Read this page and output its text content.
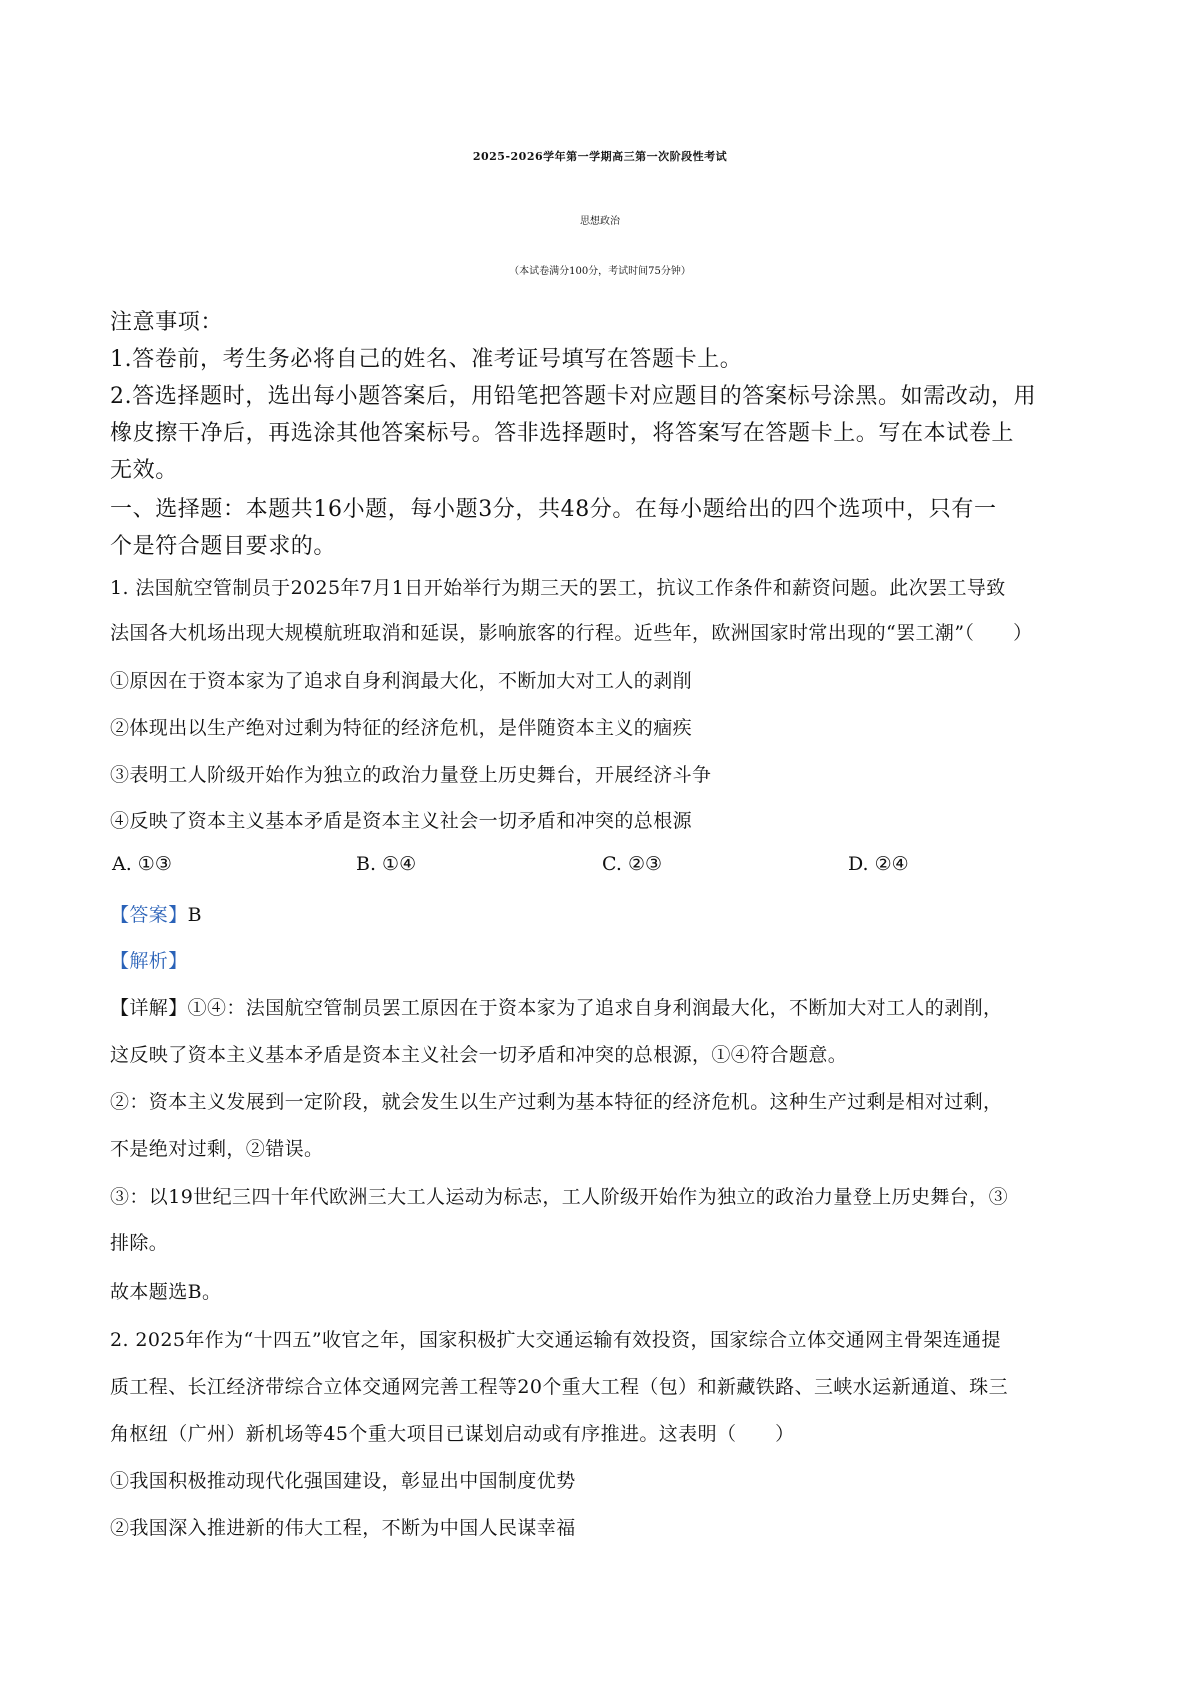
2025-2026学年第一学期高三第一次阶段性考试
思想政治
（本试卷满分100分，考试时间75分钟）
注意事项：
1.答卷前，考生务必将自己的姓名、准考证号填写在答题卡上。
2.答选择题时，选出每小题答案后，用铅笔把答题卡对应题目的答案标号涂黑。如需改动，用
橡皮擦干净后，再选涂其他答案标号。答非选择题时，将答案写在答题卡上。写在本试卷上
无效。
一、选择题：本题共16小题，每小题3分，共48分。在每小题给出的四个选项中，只有一
个是符合题目要求的。
1. 法国航空管制员于2025年7月1日开始举行为期三天的罢工，抗议工作条件和薪资问题。此次罢工导致
法国各大机场出现大规模航班取消和延误，影响旅客的行程。近些年，欧洲国家时常出现的“罢工潮”（　　）
①原因在于资本家为了追求自身利润最大化，不断加大对工人的剥削
②体现出以生产绝对过剩为特征的经济危机，是伴随资本主义的痼疾
③表明工人阶级开始作为独立的政治力量登上历史舞台，开展经济斗争
④反映了资本主义基本矛盾是资本主义社会一切矛盾和冲突的总根源
A. ①③	B. ①④	C. ②③	D. ②④
【答案】B
【解析】
【详解】①④：法国航空管制员罢工原因在于资本家为了追求自身利润最大化，不断加大对工人的剥削，
这反映了资本主义基本矛盾是资本主义社会一切矛盾和冲突的总根源，①④符合题意。
②：资本主义发展到一定阶段，就会发生以生产过剩为基本特征的经济危机。这种生产过剩是相对过剩，
不是绝对过剩，②错误。
③：以19世纪三四十年代欧洲三大工人运动为标志，工人阶级开始作为独立的政治力量登上历史舞台，③
排除。
故本题选B。
2. 2025年作为“十四五”收官之年，国家积极扩大交通运输有效投资，国家综合立体交通网主骨架连通提
质工程、长江经济带综合立体交通网完善工程等20个重大工程（包）和新藏铁路、三峡水运新通道、珠三
角枢纽（广州）新机场等45个重大项目已谋划启动或有序推进。这表明（　　）
①我国积极推动现代化强国建设，彰显出中国制度优势
②我国深入推进新的伟大工程，不断为中国人民谋幸福
